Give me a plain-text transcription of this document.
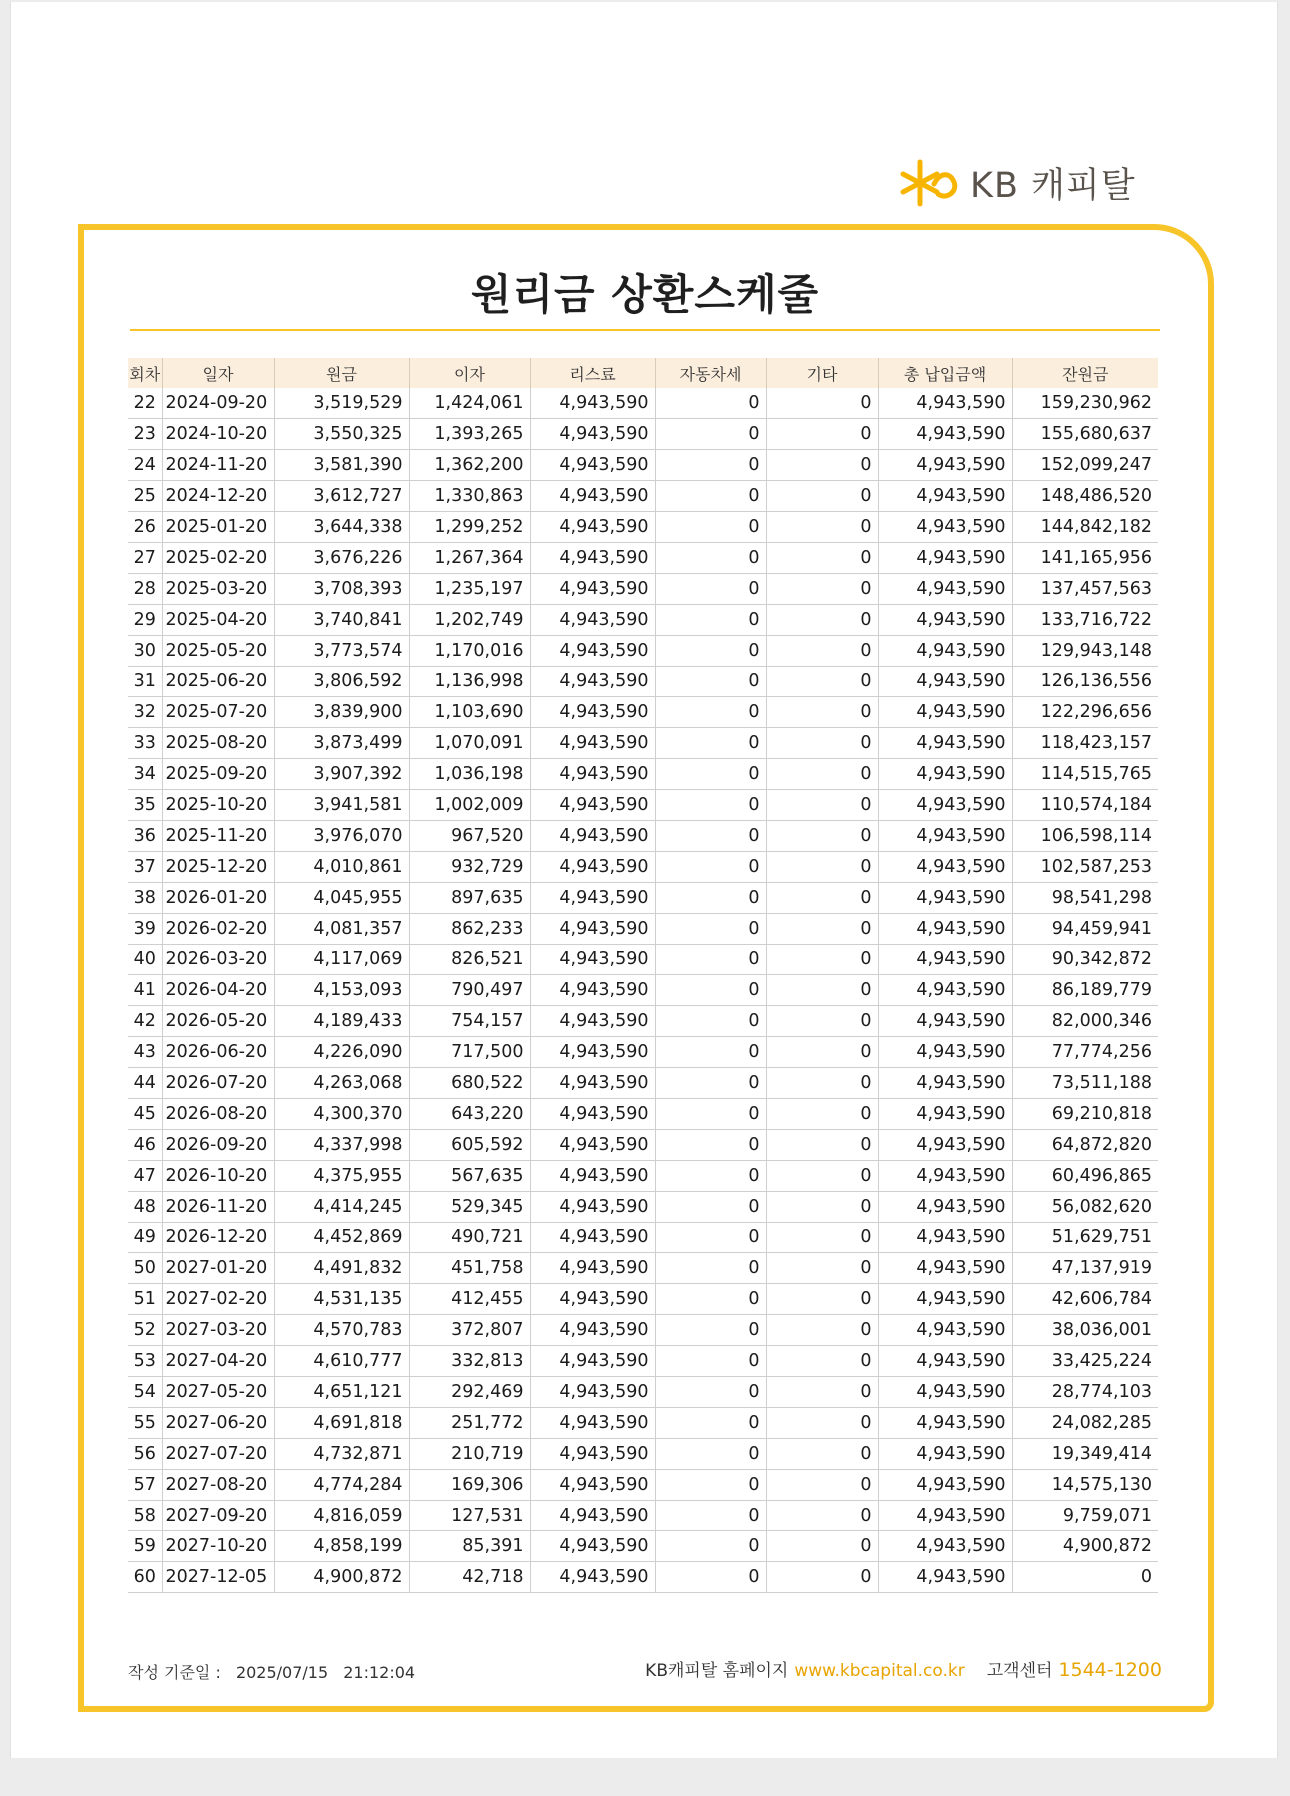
KB 캐피탈
원리금 상환스케줄
회차	일자	원금	이자	리스료	자동차세	기타	총 납입금액	잔원금
22	2024-09-20	3,519,529	1,424,061	4,943,590	0	0	4,943,590	159,230,962
23	2024-10-20	3,550,325	1,393,265	4,943,590	0	0	4,943,590	155,680,637
24	2024-11-20	3,581,390	1,362,200	4,943,590	0	0	4,943,590	152,099,247
25	2024-12-20	3,612,727	1,330,863	4,943,590	0	0	4,943,590	148,486,520
26	2025-01-20	3,644,338	1,299,252	4,943,590	0	0	4,943,590	144,842,182
27	2025-02-20	3,676,226	1,267,364	4,943,590	0	0	4,943,590	141,165,956
28	2025-03-20	3,708,393	1,235,197	4,943,590	0	0	4,943,590	137,457,563
29	2025-04-20	3,740,841	1,202,749	4,943,590	0	0	4,943,590	133,716,722
30	2025-05-20	3,773,574	1,170,016	4,943,590	0	0	4,943,590	129,943,148
31	2025-06-20	3,806,592	1,136,998	4,943,590	0	0	4,943,590	126,136,556
32	2025-07-20	3,839,900	1,103,690	4,943,590	0	0	4,943,590	122,296,656
33	2025-08-20	3,873,499	1,070,091	4,943,590	0	0	4,943,590	118,423,157
34	2025-09-20	3,907,392	1,036,198	4,943,590	0	0	4,943,590	114,515,765
35	2025-10-20	3,941,581	1,002,009	4,943,590	0	0	4,943,590	110,574,184
36	2025-11-20	3,976,070	967,520	4,943,590	0	0	4,943,590	106,598,114
37	2025-12-20	4,010,861	932,729	4,943,590	0	0	4,943,590	102,587,253
38	2026-01-20	4,045,955	897,635	4,943,590	0	0	4,943,590	98,541,298
39	2026-02-20	4,081,357	862,233	4,943,590	0	0	4,943,590	94,459,941
40	2026-03-20	4,117,069	826,521	4,943,590	0	0	4,943,590	90,342,872
41	2026-04-20	4,153,093	790,497	4,943,590	0	0	4,943,590	86,189,779
42	2026-05-20	4,189,433	754,157	4,943,590	0	0	4,943,590	82,000,346
43	2026-06-20	4,226,090	717,500	4,943,590	0	0	4,943,590	77,774,256
44	2026-07-20	4,263,068	680,522	4,943,590	0	0	4,943,590	73,511,188
45	2026-08-20	4,300,370	643,220	4,943,590	0	0	4,943,590	69,210,818
46	2026-09-20	4,337,998	605,592	4,943,590	0	0	4,943,590	64,872,820
47	2026-10-20	4,375,955	567,635	4,943,590	0	0	4,943,590	60,496,865
48	2026-11-20	4,414,245	529,345	4,943,590	0	0	4,943,590	56,082,620
49	2026-12-20	4,452,869	490,721	4,943,590	0	0	4,943,590	51,629,751
50	2027-01-20	4,491,832	451,758	4,943,590	0	0	4,943,590	47,137,919
51	2027-02-20	4,531,135	412,455	4,943,590	0	0	4,943,590	42,606,784
52	2027-03-20	4,570,783	372,807	4,943,590	0	0	4,943,590	38,036,001
53	2027-04-20	4,610,777	332,813	4,943,590	0	0	4,943,590	33,425,224
54	2027-05-20	4,651,121	292,469	4,943,590	0	0	4,943,590	28,774,103
55	2027-06-20	4,691,818	251,772	4,943,590	0	0	4,943,590	24,082,285
56	2027-07-20	4,732,871	210,719	4,943,590	0	0	4,943,590	19,349,414
57	2027-08-20	4,774,284	169,306	4,943,590	0	0	4,943,590	14,575,130
58	2027-09-20	4,816,059	127,531	4,943,590	0	0	4,943,590	9,759,071
59	2027-10-20	4,858,199	85,391	4,943,590	0	0	4,943,590	4,900,872
60	2027-12-05	4,900,872	42,718	4,943,590	0	0	4,943,590	0
작성 기준일 : 2025/07/15 21:12:04	KB캐피탈 홈페이지 www.kbcapital.co.kr 고객센터 1544-1200
